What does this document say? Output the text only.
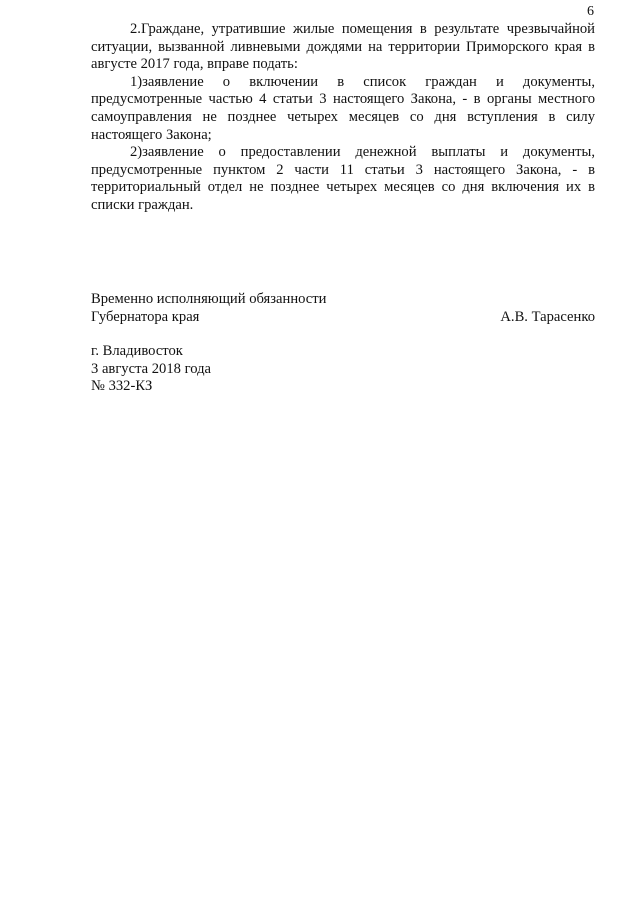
6

2.Граждане, утратившие жилые помещения в результате чрезвычайной ситуации, вызванной ливневыми дождями на территории Приморского края в августе 2017 года, вправе подать:

1)заявление о включении в список граждан и документы, предусмотренные частью 4 статьи 3 настоящего Закона, - в органы местного самоуправления не позднее четырех месяцев со дня вступления в силу настоящего Закона;

2)заявление о предоставлении денежной выплаты и документы, предусмотренные пунктом 2 части 11 статьи 3 настоящего Закона, - в территориальный отдел не позднее четырех месяцев со дня включения их в списки граждан.

Временно исполняющий обязанности
Губернатора края	А.В. Тарасенко
г. Владивосток
3 августа 2018 года
№ 332-КЗ
